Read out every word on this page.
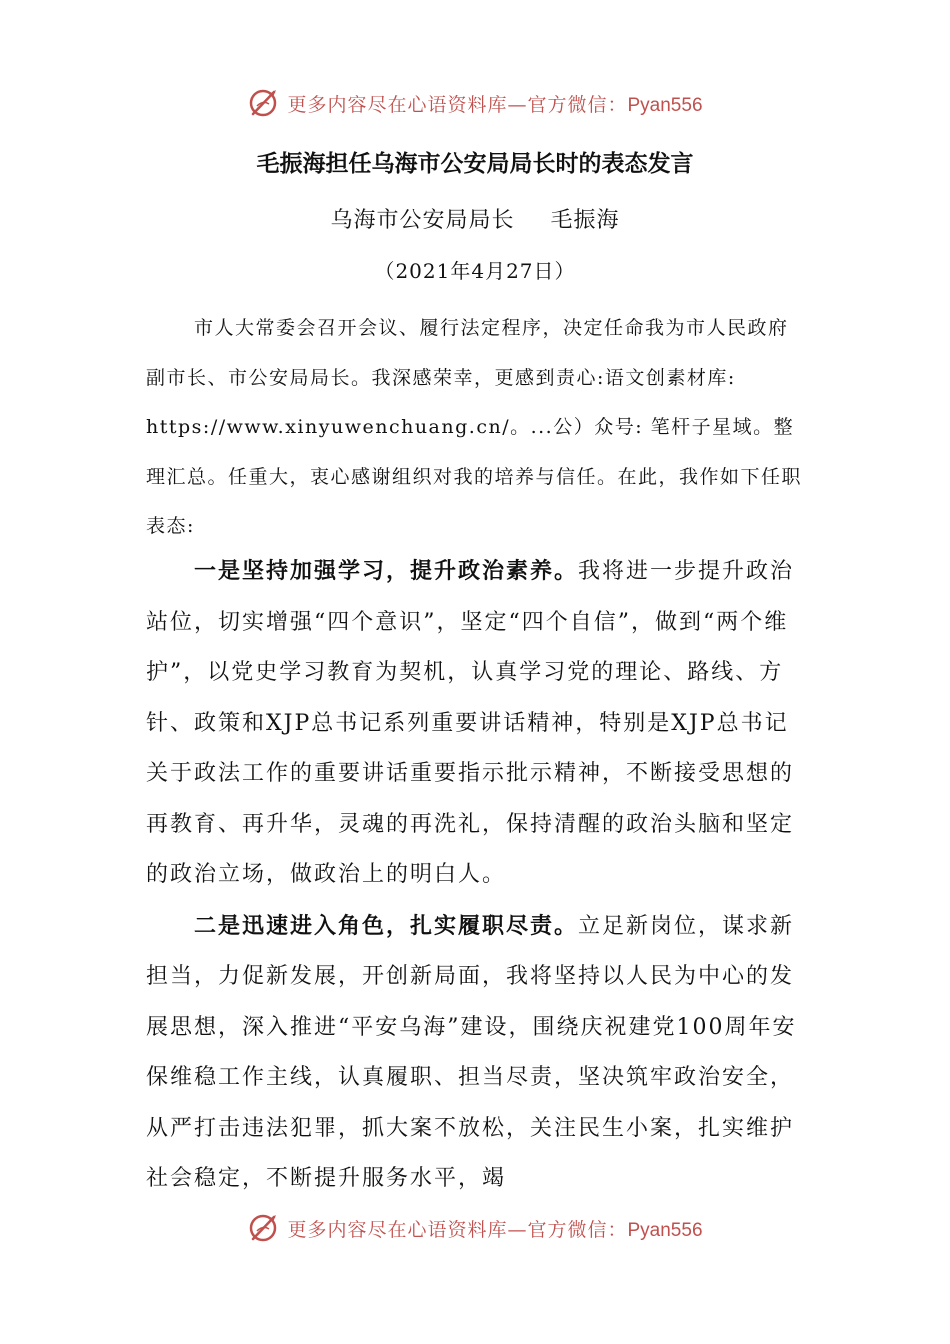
更多内容尽在心语资料库—官方微信：Pyan556
毛振海担任乌海市公安局局长时的表态发言
乌海市公安局局长 毛振海
（2021年4月27日）

市人大常委会召开会议、履行法定程序，决定任命我为市人民政府副市长、市公安局局长。我深感荣幸，更感到责心:语文创素材库: https://www.xinyuwenchuang.cn/。...公）众号: 笔杆子星域。整理汇总。任重大，衷心感谢组织对我的培养与信任。在此，我作如下任职表态:

一是坚持加强学习，提升政治素养。我将进一步提升政治站位，切实增强“四个意识”，坚定“四个自信”，做到“两个维护”，以党史学习教育为契机，认真学习党的理论、路线、方针、政策和XJP总书记系列重要讲话精神，特别是XJP总书记关于政法工作的重要讲话重要指示批示精神，不断接受思想的再教育、再升华，灵魂的再洗礼，保持清醒的政治头脑和坚定的政治立场，做政治上的明白人。

二是迅速进入角色，扎实履职尽责。立足新岗位，谋求新担当，力促新发展，开创新局面，我将坚持以人民为中心的发展思想，深入推进“平安乌海”建设，围绕庆祝建党100周年安保维稳工作主线，认真履职、担当尽责，坚决筑牢政治安全，从严打击违法犯罪，抓大案不放松，关注民生小案，扎实维护社会稳定，不断提升服务水平，竭

更多内容尽在心语资料库—官方微信：Pyan556
